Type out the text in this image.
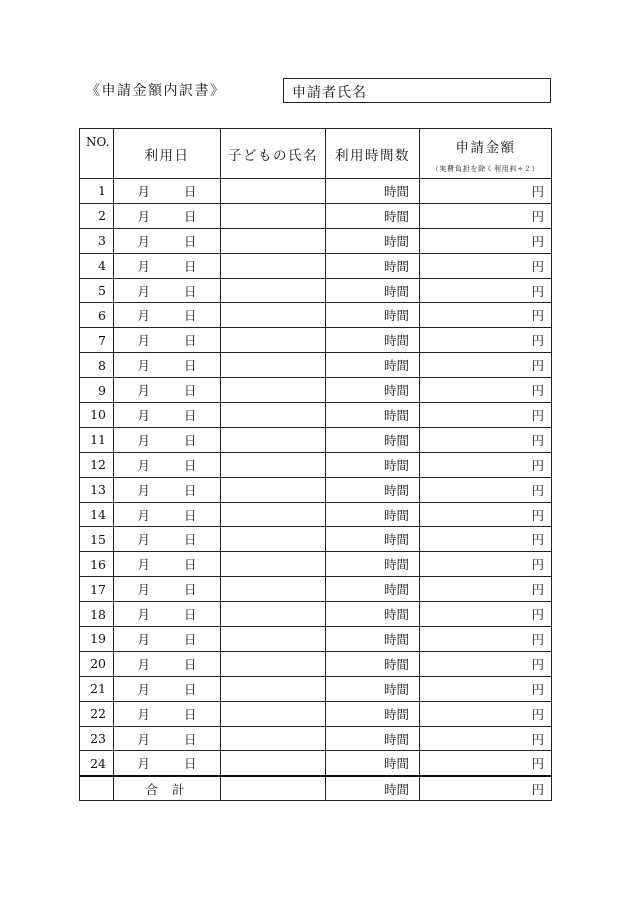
《申請金額内訳書》	申請者氏名
NO.	利用日	子どもの氏名	利用時間数	申請金額
（実費負担を除く利用料÷２）

1	月 日		時間	円
2	月 日		時間	円
3	月 日		時間	円
4	月 日		時間	円
5	月 日		時間	円
6	月 日		時間	円
7	月 日		時間	円
8	月 日		時間	円
9	月 日		時間	円
10	月 日		時間	円
11	月 日		時間	円
12	月 日		時間	円
13	月 日		時間	円
14	月 日		時間	円
15	月 日		時間	円
16	月 日		時間	円
17	月 日		時間	円
18	月 日		時間	円
19	月 日		時間	円
20	月 日		時間	円
21	月 日		時間	円
22	月 日		時間	円
23	月 日		時間	円
24	月 日		時間	円
	合計		時間	円
